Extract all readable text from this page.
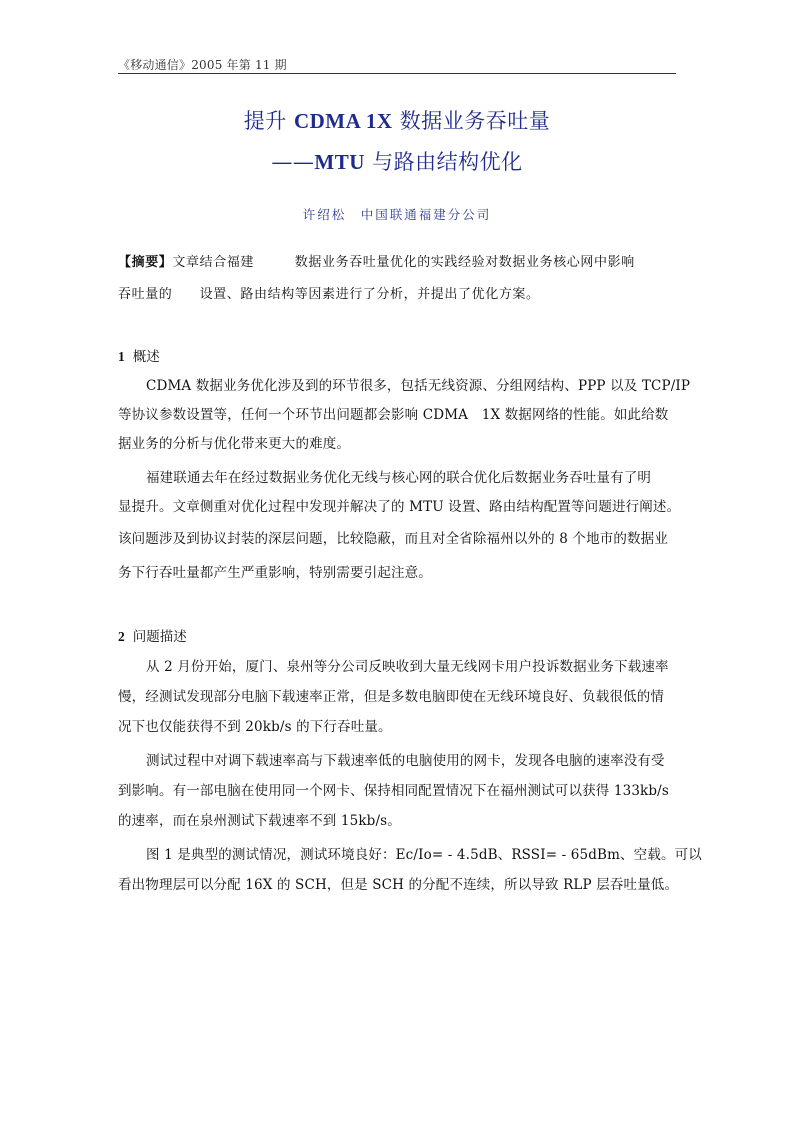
《移动通信》2005 年第 11 期
提升 CDMA 1X 数据业务吞吐量
——MTU 与路由结构优化
许绍松　中国联通福建分公司
【摘要】文章结合福建　　　数据业务吞吐量优化的实践经验对数据业务核心网中影响
吞吐量的　　设置、路由结构等因素进行了分析，并提出了优化方案。
1 概述
CDMA 数据业务优化涉及到的环节很多，包括无线资源、分组网结构、PPP 以及 TCP/IP
等协议参数设置等，任何一个环节出问题都会影响 CDMA　1X 数据网络的性能。如此给数
据业务的分析与优化带来更大的难度。
福建联通去年在经过数据业务优化无线与核心网的联合优化后数据业务吞吐量有了明
显提升。文章侧重对优化过程中发现并解决了的 MTU 设置、路由结构配置等问题进行阐述。
该问题涉及到协议封装的深层问题，比较隐蔽，而且对全省除福州以外的 8 个地市的数据业
务下行吞吐量都产生严重影响，特别需要引起注意。
2 问题描述
从 2 月份开始，厦门、泉州等分公司反映收到大量无线网卡用户投诉数据业务下载速率
慢，经测试发现部分电脑下载速率正常，但是多数电脑即使在无线环境良好、负载很低的情
况下也仅能获得不到 20kb/s 的下行吞吐量。
测试过程中对调下载速率高与下载速率低的电脑使用的网卡，发现各电脑的速率没有受
到影响。有一部电脑在使用同一个网卡、保持相同配置情况下在福州测试可以获得 133kb/s
的速率，而在泉州测试下载速率不到 15kb/s。
图 1 是典型的测试情况，测试环境良好：Ec/Io= - 4.5dB、RSSI= - 65dBm、空载。可以
看出物理层可以分配 16X 的 SCH，但是 SCH 的分配不连续，所以导致 RLP 层吞吐量低。
